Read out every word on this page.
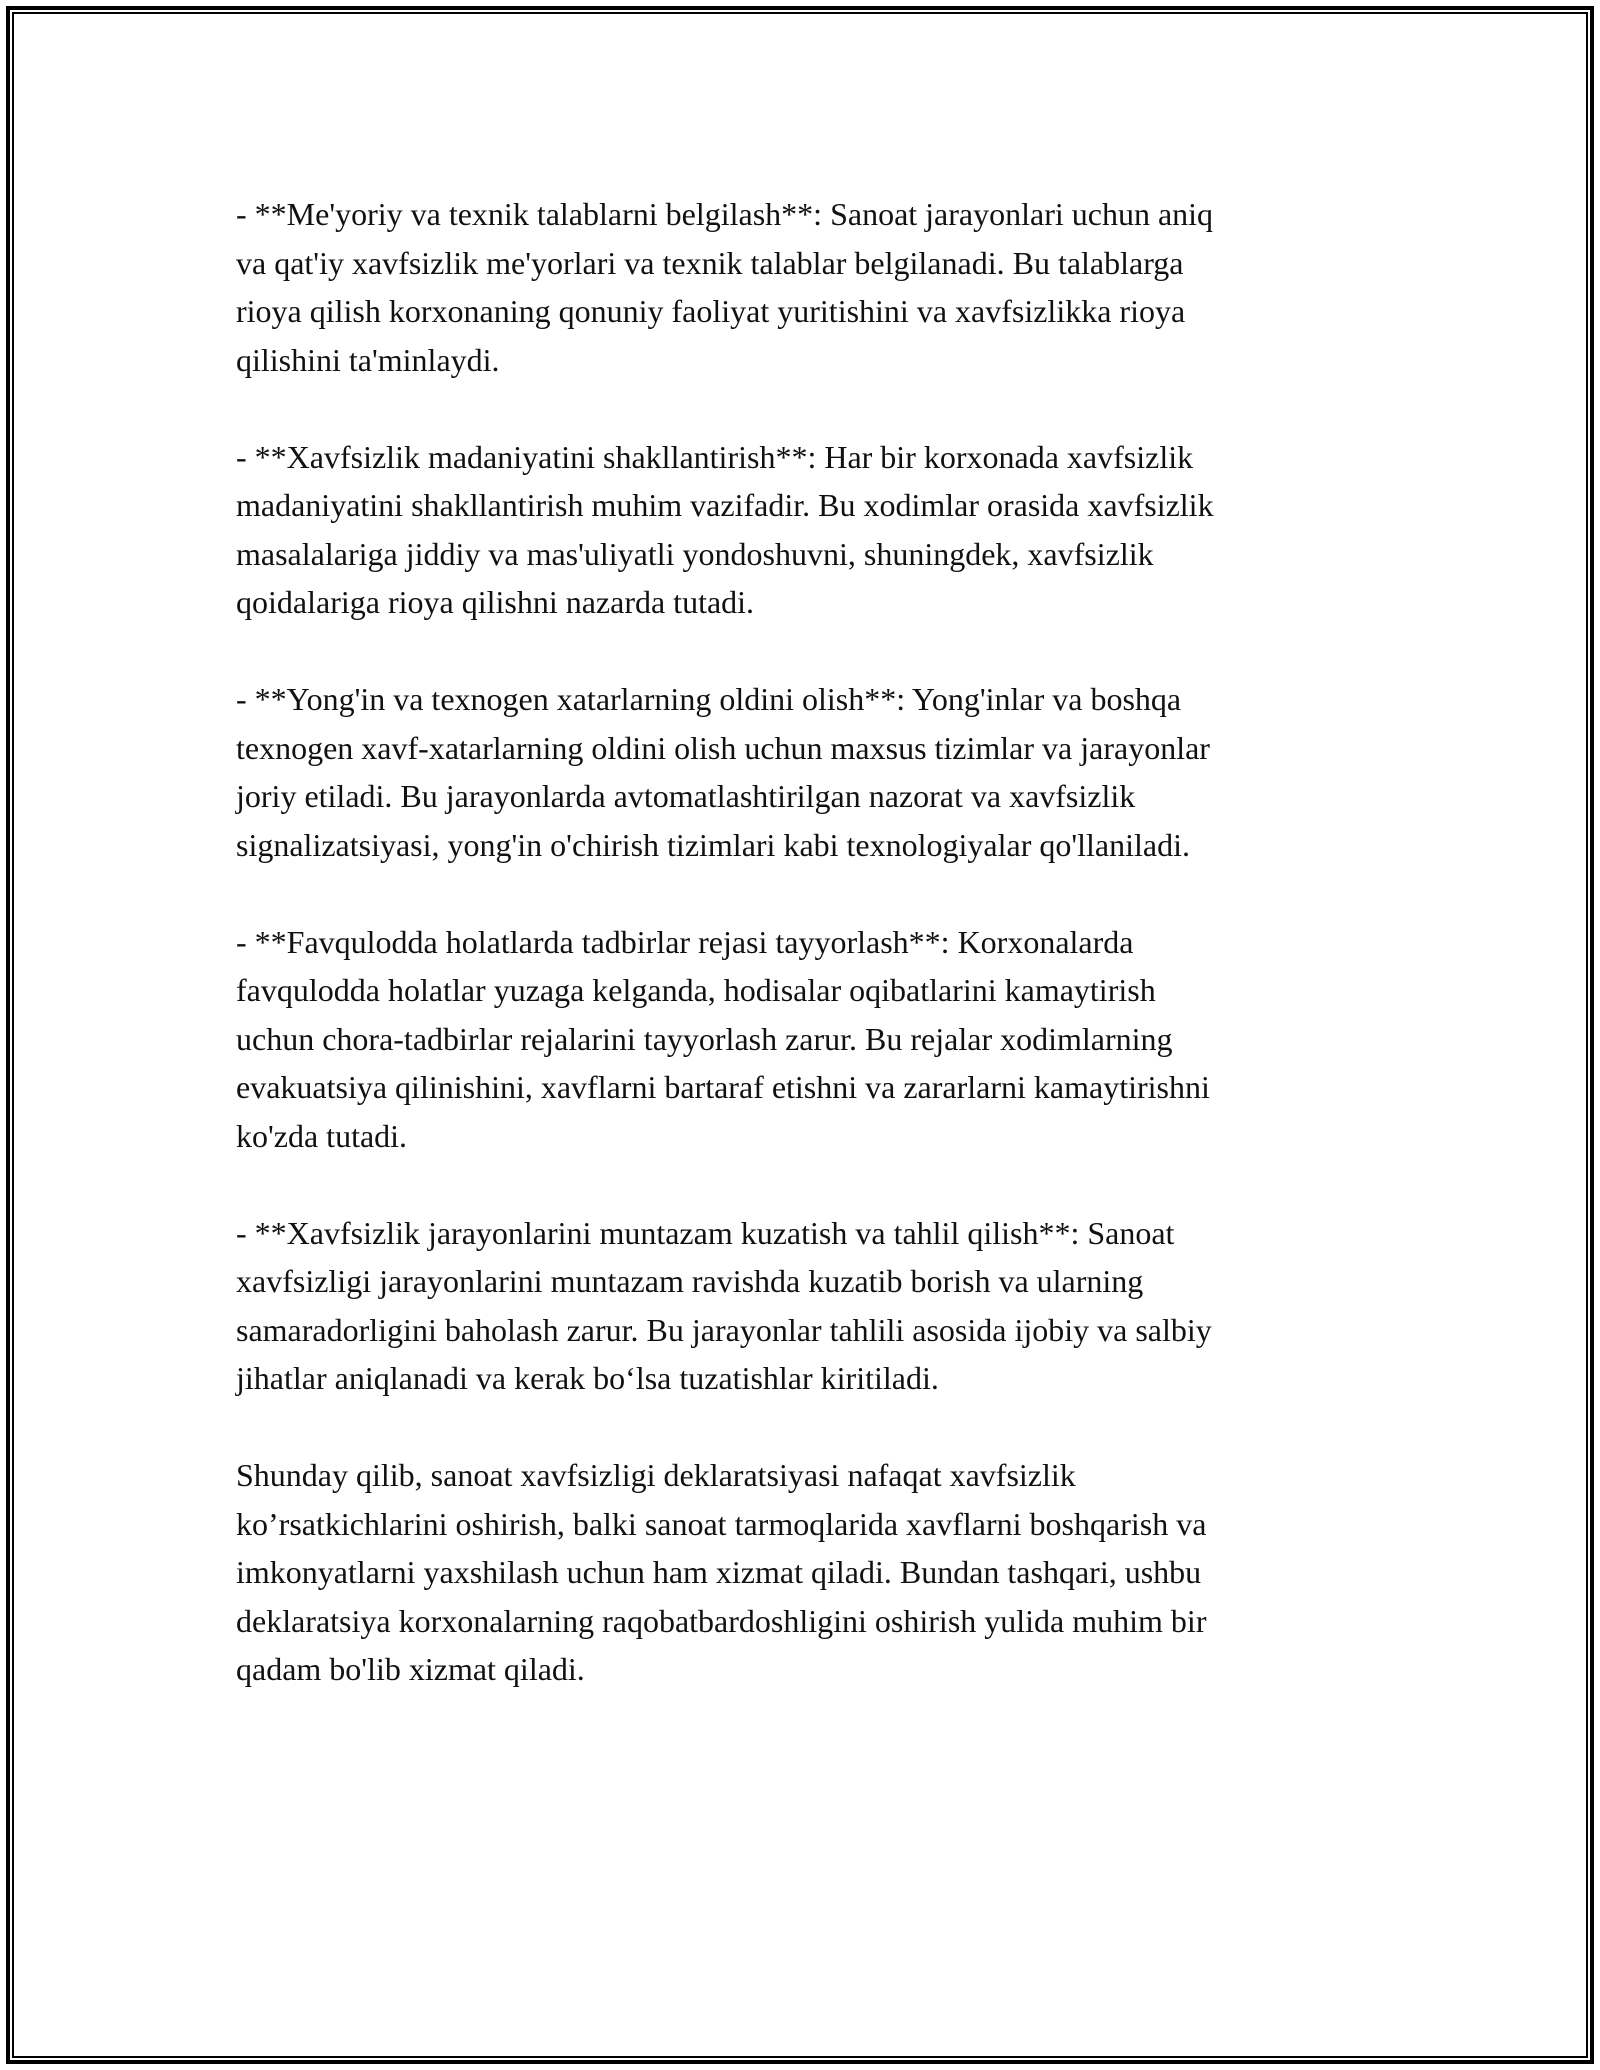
- **Me'yoriy va texnik talablarni belgilash**: Sanoat jarayonlari uchun aniq
va qat'iy xavfsizlik me'yorlari va texnik talablar belgilanadi. Bu talablarga
rioya qilish korxonaning qonuniy faoliyat yuritishini va xavfsizlikka rioya
qilishini ta'minlaydi.

- **Xavfsizlik madaniyatini shakllantirish**: Har bir korxonada xavfsizlik
madaniyatini shakllantirish muhim vazifadir. Bu xodimlar orasida xavfsizlik
masalalariga jiddiy va mas'uliyatli yondoshuvni, shuningdek, xavfsizlik
qoidalariga rioya qilishni nazarda tutadi.

- **Yong'in va texnogen xatarlarning oldini olish**: Yong'inlar va boshqa
texnogen xavf-xatarlarning oldini olish uchun maxsus tizimlar va jarayonlar
joriy etiladi. Bu jarayonlarda avtomatlashtirilgan nazorat va xavfsizlik
signalizatsiyasi, yong'in o'chirish tizimlari kabi texnologiyalar qo'llaniladi.

- **Favqulodda holatlarda tadbirlar rejasi tayyorlash**: Korxonalarda
favqulodda holatlar yuzaga kelganda, hodisalar oqibatlarini kamaytirish
uchun chora-tadbirlar rejalarini tayyorlash zarur. Bu rejalar xodimlarning
evakuatsiya qilinishini, xavflarni bartaraf etishni va zararlarni kamaytirishni
ko'zda tutadi.

- **Xavfsizlik jarayonlarini muntazam kuzatish va tahlil qilish**: Sanoat
xavfsizligi jarayonlarini muntazam ravishda kuzatib borish va ularning
samaradorligini baholash zarur. Bu jarayonlar tahlili asosida ijobiy va salbiy
jihatlar aniqlanadi va kerak bo‘lsa tuzatishlar kiritiladi.

Shunday qilib, sanoat xavfsizligi deklaratsiyasi nafaqat xavfsizlik
ko’rsatkichlarini oshirish, balki sanoat tarmoqlarida xavflarni boshqarish va
imkonyatlarni yaxshilash uchun ham xizmat qiladi. Bundan tashqari, ushbu
deklaratsiya korxonalarning raqobatbardoshligini oshirish yulida muhim bir
qadam bo'lib xizmat qiladi.
